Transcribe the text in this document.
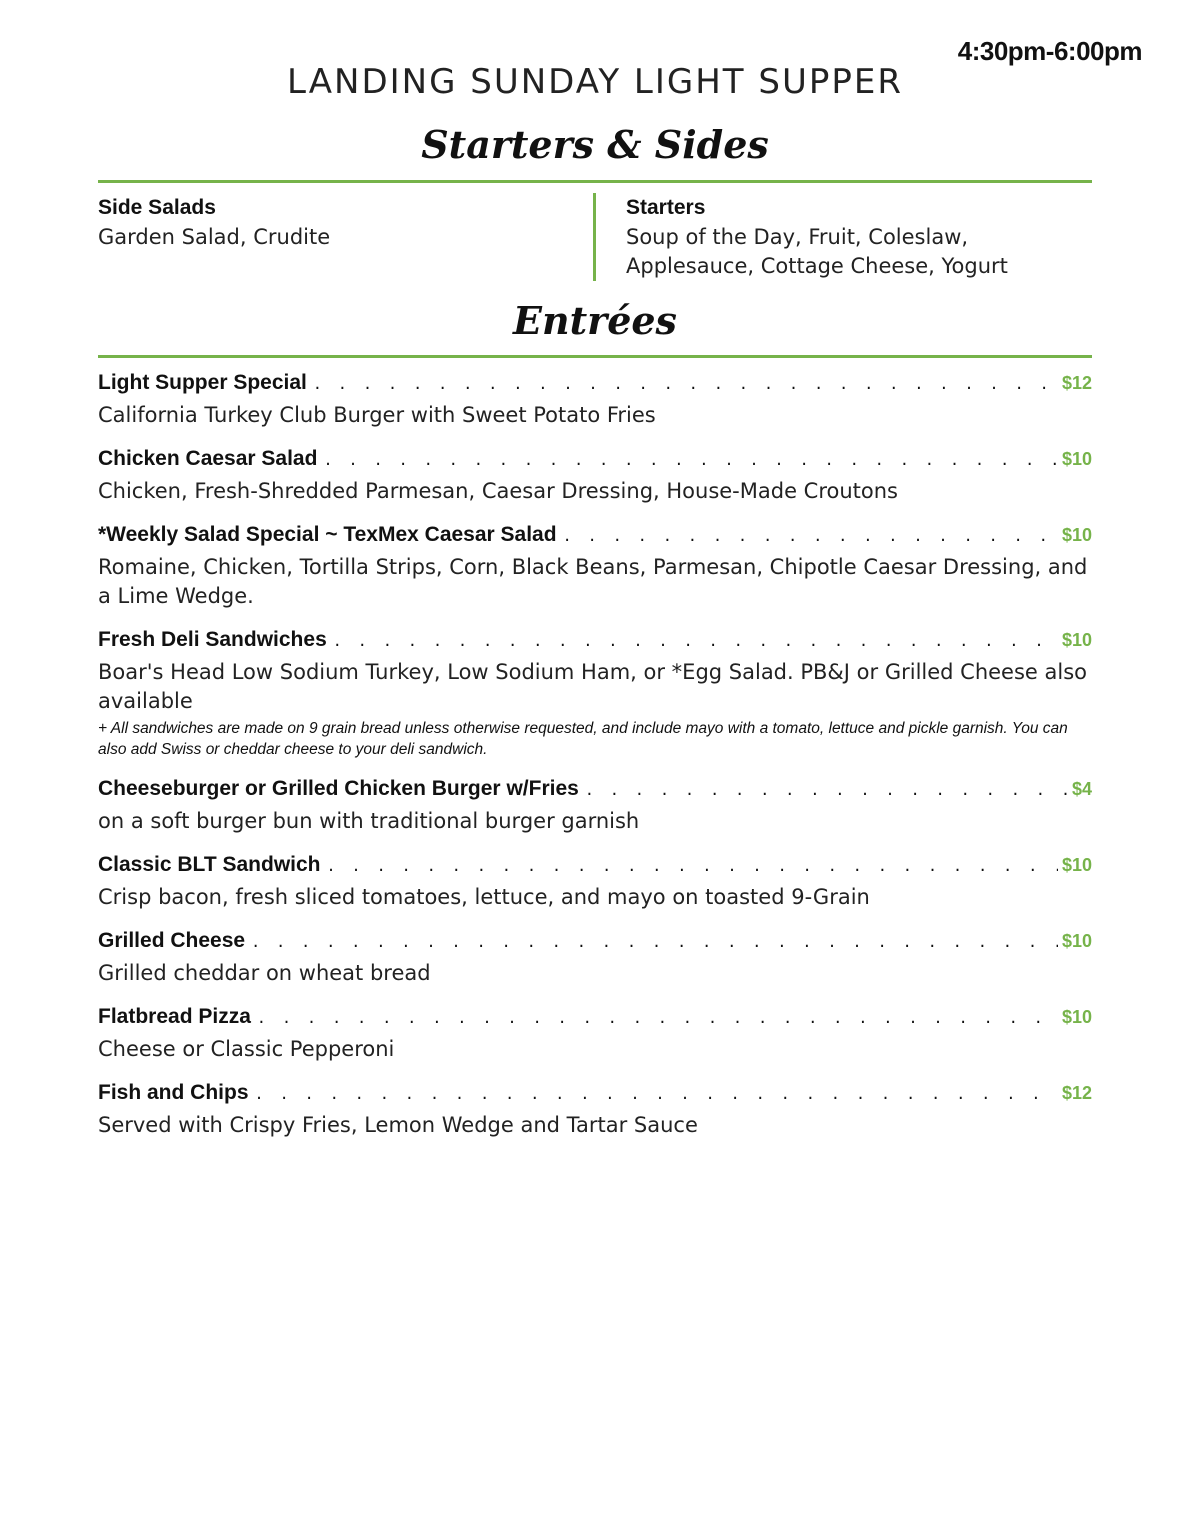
4:30pm-6:00pm
LANDING SUNDAY LIGHT SUPPER
Starters & Sides
Side Salads
Garden Salad, Crudite
Starters
Soup of the Day, Fruit, Coleslaw,
Applesauce, Cottage Cheese, Yogurt
Entrées
Light Supper Special . . .	$12
California Turkey Club Burger with Sweet Potato Fries
Chicken Caesar Salad . . .	$10
Chicken, Fresh-Shredded Parmesan, Caesar Dressing, House-Made Croutons
*Weekly Salad Special ~ TexMex Caesar Salad . . .	$10
Romaine, Chicken, Tortilla Strips, Corn, Black Beans, Parmesan, Chipotle Caesar Dressing, and a Lime Wedge.
Fresh Deli Sandwiches . . .	$10
Boar's Head Low Sodium Turkey, Low Sodium Ham, or *Egg Salad. PB&J or Grilled Cheese also available
+ All sandwiches are made on 9 grain bread unless otherwise requested, and include mayo with a tomato, lettuce and pickle garnish. You can also add Swiss or cheddar cheese to your deli sandwich.
Cheeseburger or Grilled Chicken Burger w/Fries . . .	$4
on a soft burger bun with traditional burger garnish
Classic BLT Sandwich . . .	$10
Crisp bacon, fresh sliced tomatoes, lettuce, and mayo on toasted 9-Grain
Grilled Cheese . . .	$10
Grilled cheddar on wheat bread
Flatbread Pizza . . .	$10
Cheese or Classic Pepperoni
Fish and Chips . . .	$12
Served with Crispy Fries, Lemon Wedge and Tartar Sauce
